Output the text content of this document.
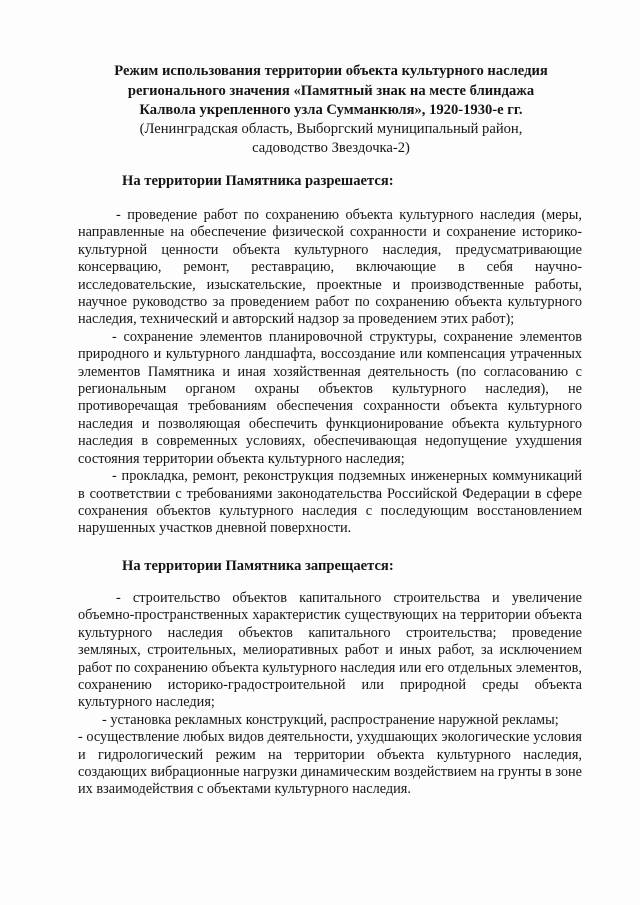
Режим использования территории объекта культурного наследия регионального значения «Памятный знак на месте блиндажа Калвола укрепленного узла Сумманкюля», 1920-1930-е гг.

(Ленинградская область, Выборгский муниципальный район, садоводство Звездочка-2)

На территории Памятника разрешается:

- проведение работ по сохранению объекта культурного наследия (меры, направленные на обеспечение физической сохранности и сохранение историко-культурной ценности объекта культурного наследия, предусматривающие консервацию, ремонт, реставрацию, включающие в себя научно-исследовательские, изыскательские, проектные и производственные работы, научное руководство за проведением работ по сохранению объекта культурного наследия, технический и авторский надзор за проведением этих работ);

- сохранение элементов планировочной структуры, сохранение элементов природного и культурного ландшафта, воссоздание или компенсация утраченных элементов Памятника и иная хозяйственная деятельность (по согласованию с региональным органом охраны объектов культурного наследия), не противоречащая требованиям обеспечения сохранности объекта культурного наследия и позволяющая обеспечить функционирование объекта культурного наследия в современных условиях, обеспечивающая недопущение ухудшения состояния территории объекта культурного наследия;

- прокладка, ремонт, реконструкция подземных инженерных коммуникаций в соответствии с требованиями законодательства Российской Федерации в сфере сохранения объектов культурного наследия с последующим восстановлением нарушенных участков дневной поверхности.

На территории Памятника запрещается:

- строительство объектов капитального строительства и увеличение объемно-пространственных характеристик существующих на территории объекта культурного наследия объектов капитального строительства; проведение земляных, строительных, мелиоративных работ и иных работ, за исключением работ по сохранению объекта культурного наследия или его отдельных элементов, сохранению историко-градостроительной или природной среды объекта культурного наследия;

- установка рекламных конструкций, распространение наружной рекламы;

- осуществление любых видов деятельности, ухудшающих экологические условия и гидрологический режим на территории объекта культурного наследия, создающих вибрационные нагрузки динамическим воздействием на грунты в зоне их взаимодействия с объектами культурного наследия.
